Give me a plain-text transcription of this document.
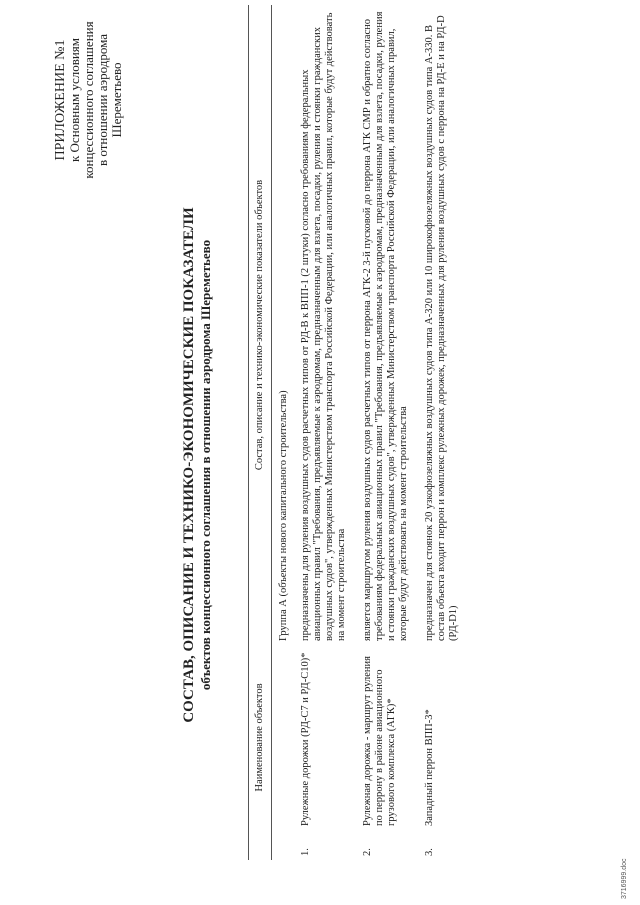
ПРИЛОЖЕНИЕ №1 к Основным условиям концессионного соглашения в отношении аэродрома Шереметьево
СОСТАВ, ОПИСАНИЕ И ТЕХНИКО-ЭКОНОМИЧЕСКИЕ ПОКАЗАТЕЛИ объектов концессионного соглашения в отношении аэродрома Шереметьево
	Наименование объектов	Состав, описание и технико-экономические показатели объектов
		Группа А (объекты нового капитального строительства)
1.	Рулежные дорожки (РД-С7 и РД-С10)*	предназначены для руления воздушных судов расчетных типов от РД-В к ВПП-1 (2 штуки) согласно требованиям федеральных авиационных правил "Требования, предъявляемые к аэродромам, предназначенным для взлета, посадки, руления и стоянки гражданских воздушных судов", утвержденных Министерством транспорта Российской Федерации, или аналогичных правил, которые будут действовать на момент строительства
2.	Рулежная дорожка - маршрут руления по перрону в районе авиационного грузового комплекса (АГК)*	является маршрутом руления воздушных судов расчетных типов от перрона АГК-2 3-й пусковой до перрона АГК СМР и обратно согласно требованиям федеральных авиационных правил "Требования, предъявляемые к аэродромам, предназначенным для взлета, посадки, руления и стоянки гражданских воздушных судов", утвержденных Министерством транспорта Российской Федерации, или аналогичных правил, которые будут действовать на момент строительства
3.	Западный перрон ВПП-3*	предназначен для стоянок 20 узкофюзеляжных воздушных судов типа А-320 или 10 широкофюзеляжных воздушных судов типа А-330. В состав объекта входит перрон и комплекс рулежных дорожек, предназначенных для руления воздушных судов с перрона на РД-Е и на РД-D (РД-D1)
3716999.doc
